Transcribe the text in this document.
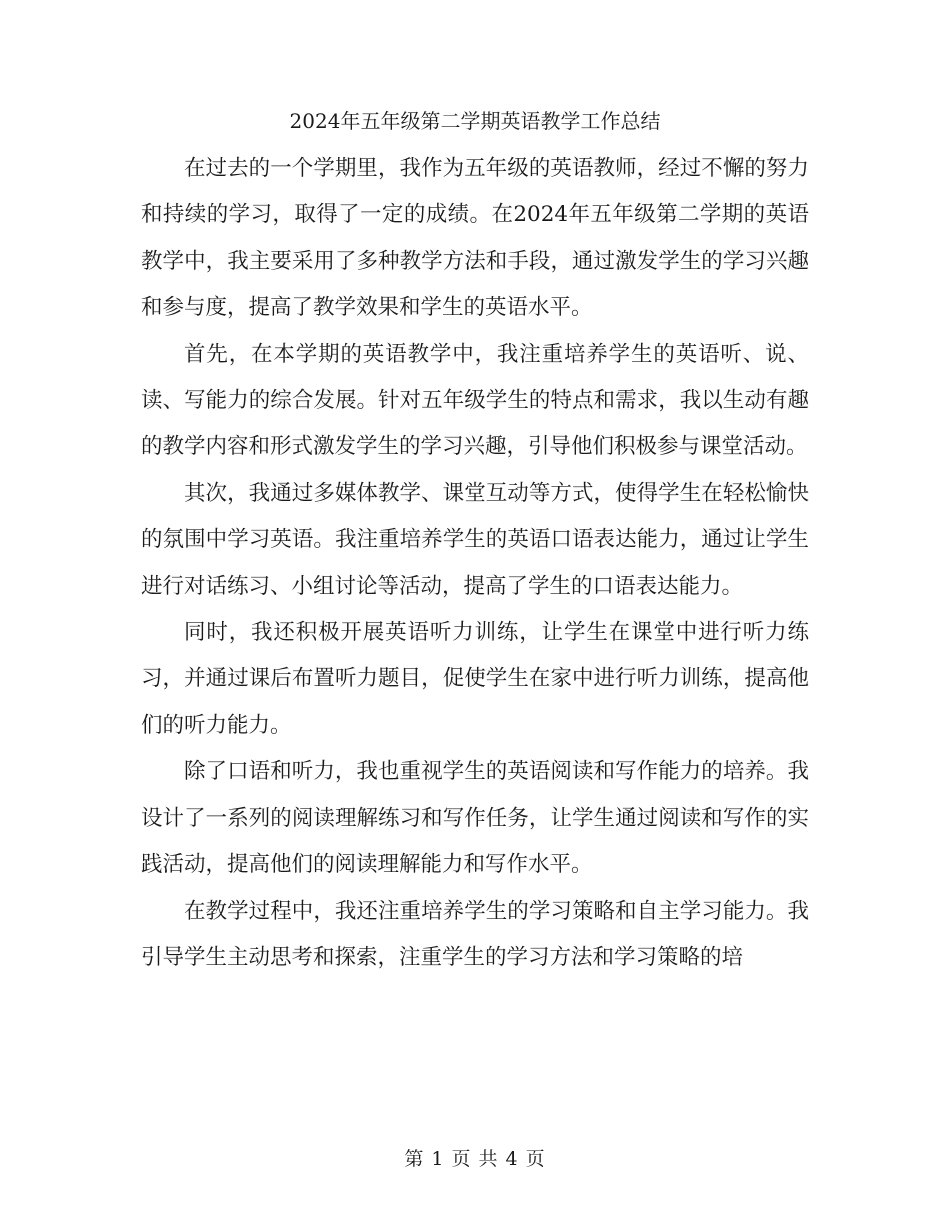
2024年五年级第二学期英语教学工作总结

在过去的一个学期里，我作为五年级的英语教师，经过不懈的努力和持续的学习，取得了一定的成绩。在2024年五年级第二学期的英语教学中，我主要采用了多种教学方法和手段，通过激发学生的学习兴趣和参与度，提高了教学效果和学生的英语水平。

首先，在本学期的英语教学中，我注重培养学生的英语听、说、读、写能力的综合发展。针对五年级学生的特点和需求，我以生动有趣的教学内容和形式激发学生的学习兴趣，引导他们积极参与课堂活动。

其次，我通过多媒体教学、课堂互动等方式，使得学生在轻松愉快的氛围中学习英语。我注重培养学生的英语口语表达能力，通过让学生进行对话练习、小组讨论等活动，提高了学生的口语表达能力。

同时，我还积极开展英语听力训练，让学生在课堂中进行听力练习，并通过课后布置听力题目，促使学生在家中进行听力训练，提高他们的听力能力。

除了口语和听力，我也重视学生的英语阅读和写作能力的培养。我设计了一系列的阅读理解练习和写作任务，让学生通过阅读和写作的实践活动，提高他们的阅读理解能力和写作水平。

在教学过程中，我还注重培养学生的学习策略和自主学习能力。我引导学生主动思考和探索，注重学生的学习方法和学习策略的培

第 1 页 共 4 页
